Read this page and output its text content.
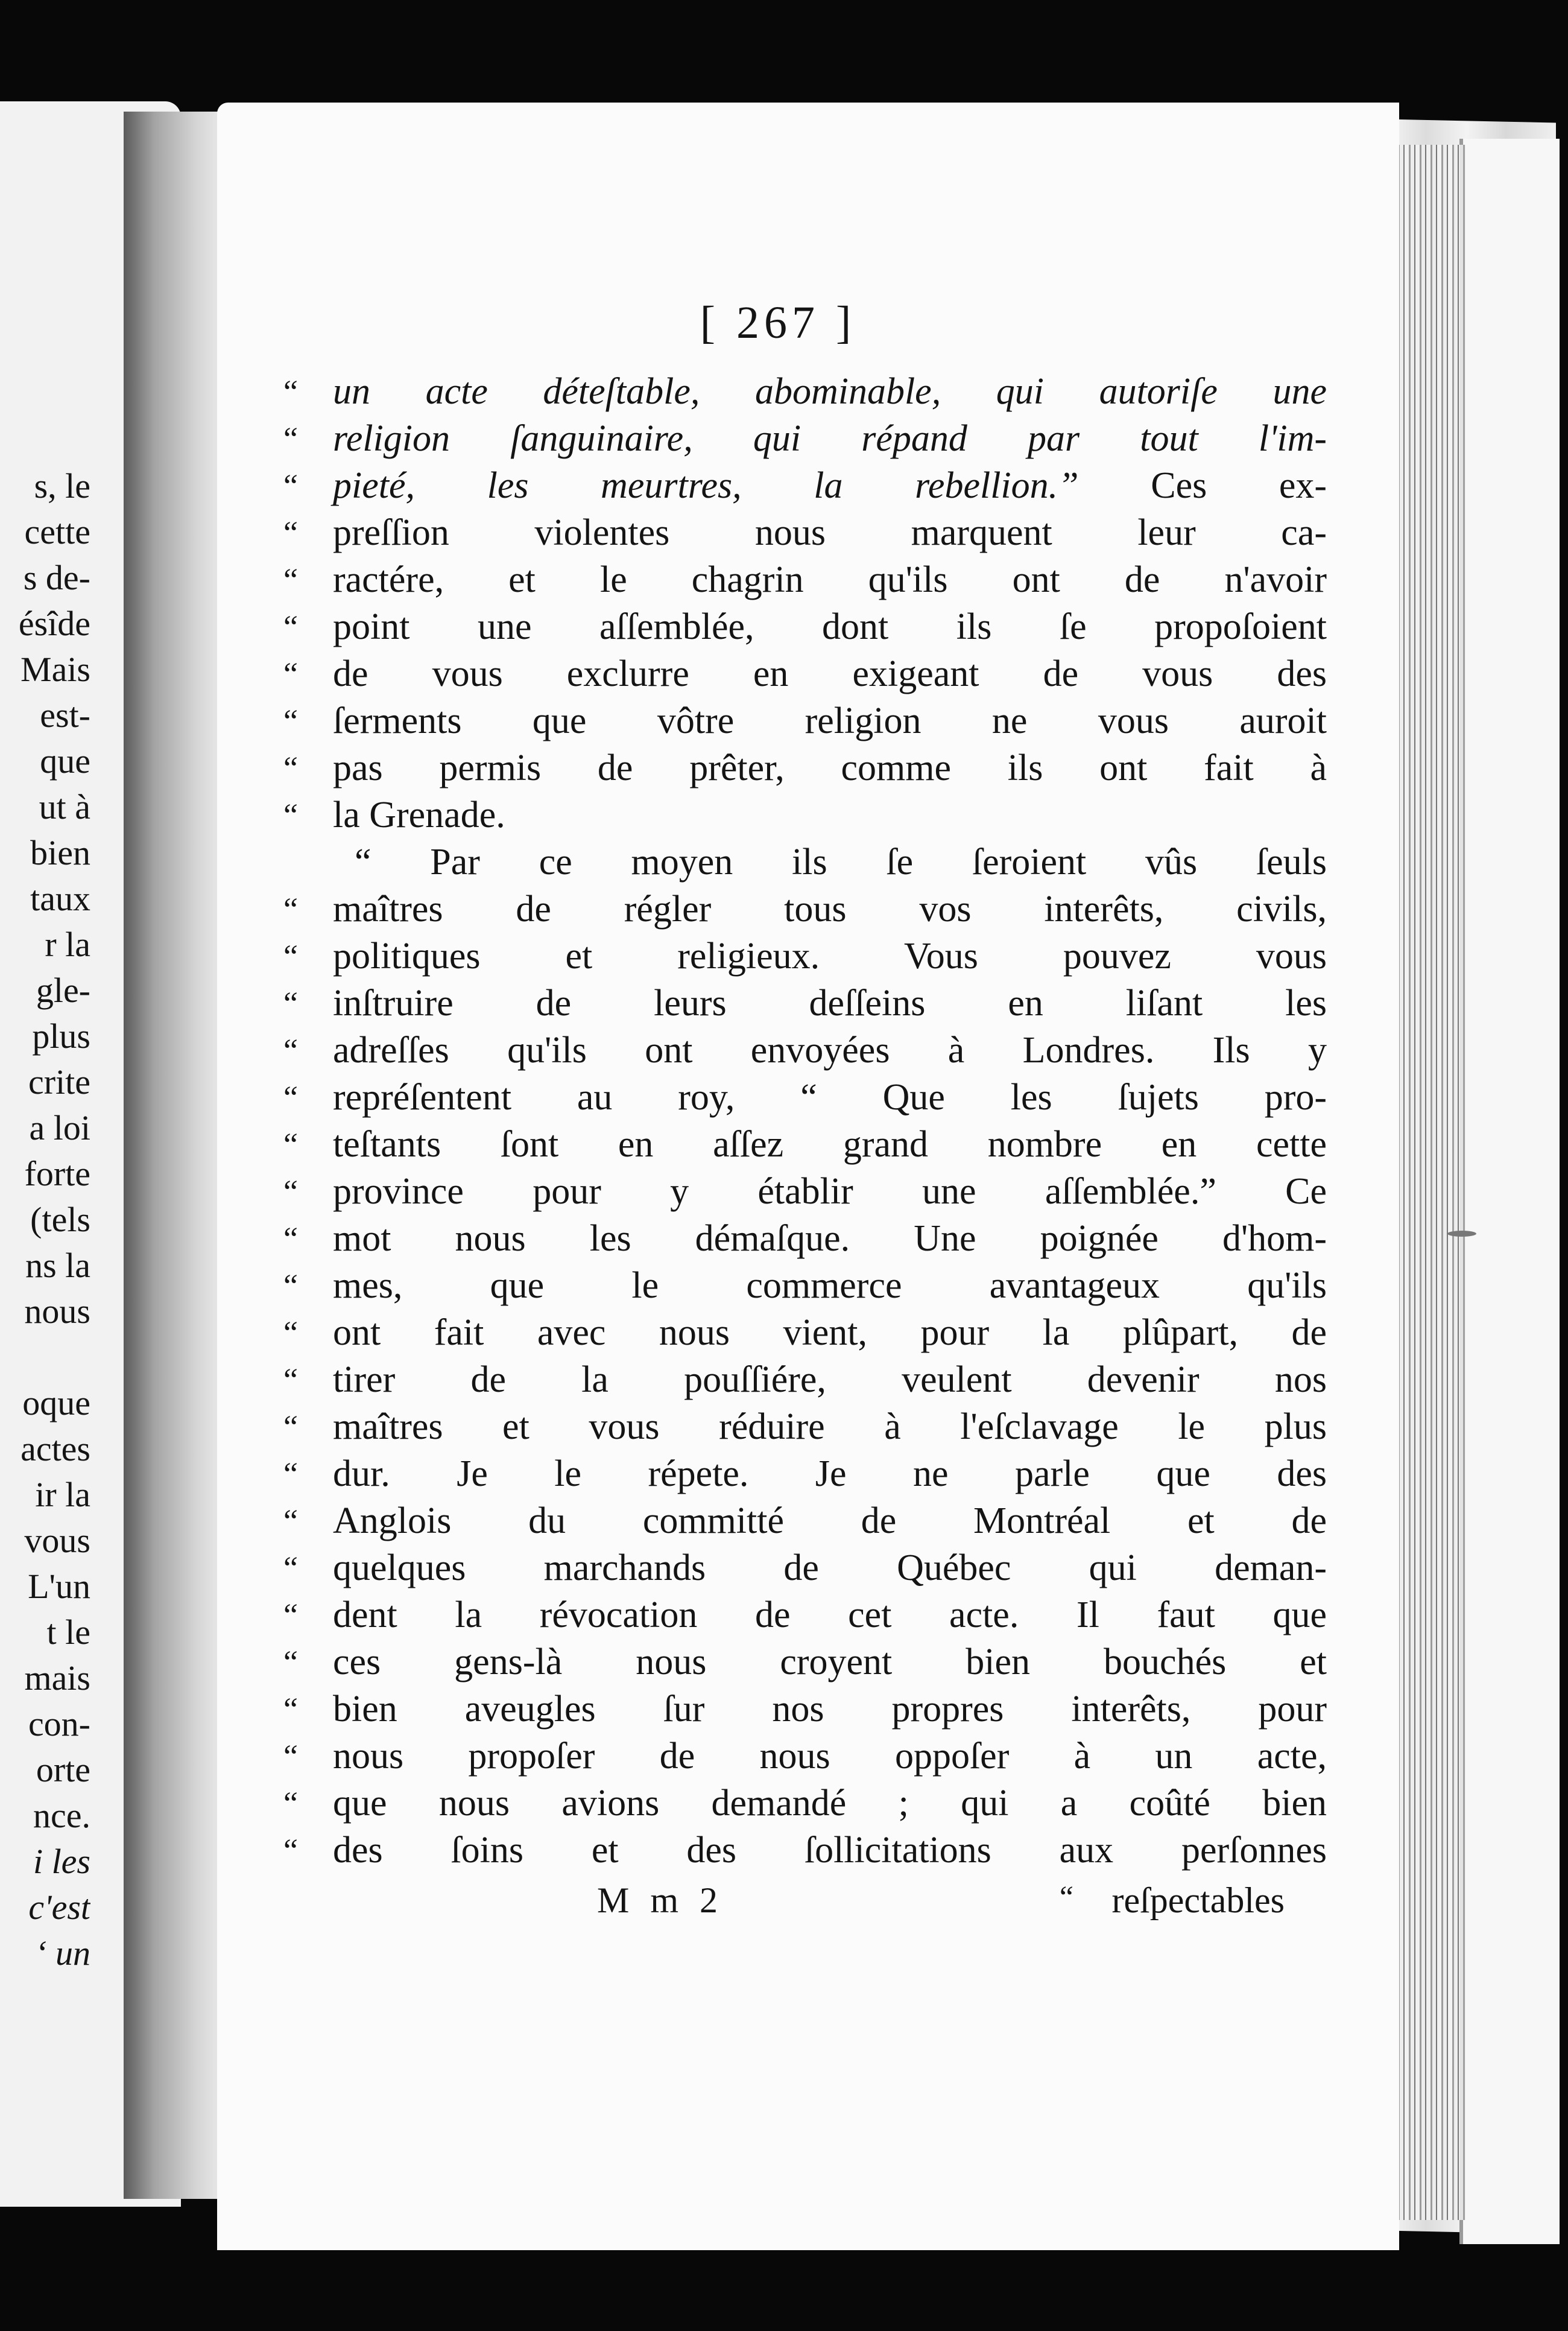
s, le
cette
s de-
ésîde
Mais
est-
que
ut à
bien
taux
r la
gle-
plus
crite
a loi
forte
(tels
ns la
nous
oque
actes
ir la
vous
L'un
t le
mais
con-
orte
nce.
i les
c'est
‘ un
[ 267 ]
“ un acte déteſtable, abominable, qui autoriſe une
“ religion ſanguinaire, qui répand par tout l'im-
“ pieté, les meurtres, la rebellion.” Ces ex-
“ preſſion violentes nous marquent leur ca-
“ ractére, et le chagrin qu'ils ont de n'avoir
“ point une aſſemblée, dont ils ſe propoſoient
“ de vous exclurre en exigeant de vous des
“ ſerments que vôtre religion ne vous auroit
“ pas permis de prêter, comme ils ont fait à
“ la Grenade.
“ Par ce moyen ils ſe ſeroient vûs ſeuls
“ maîtres de régler tous vos interêts, civils,
“ politiques et religieux. Vous pouvez vous
“ inſtruire de leurs deſſeins en liſant les
“ adreſſes qu'ils ont envoyées à Londres. Ils y
“ repréſentent au roy, “ Que les ſujets pro-
“ teſtants ſont en aſſez grand nombre en cette
“ province pour y établir une aſſemblée.” Ce
“ mot nous les démaſque. Une poignée d'hom-
“ mes, que le commerce avantageux qu'ils
“ ont fait avec nous vient, pour la plûpart, de
“ tirer de la pouſſiére, veulent devenir nos
“ maîtres et vous réduire à l'eſclavage le plus
“ dur. Je le répete. Je ne parle que des
“ Anglois du committé de Montréal et de
“ quelques marchands de Québec qui deman-
“ dent la révocation de cet acte. Il faut que
“ ces gens-là nous croyent bien bouchés et
“ bien aveugles ſur nos propres interêts, pour
“ nous propoſer de nous oppoſer à un acte,
“ que nous avions demandé ; qui a coûté bien
“ des ſoins et des ſollicitations aux perſonnes
M m 2	“ reſpectables
